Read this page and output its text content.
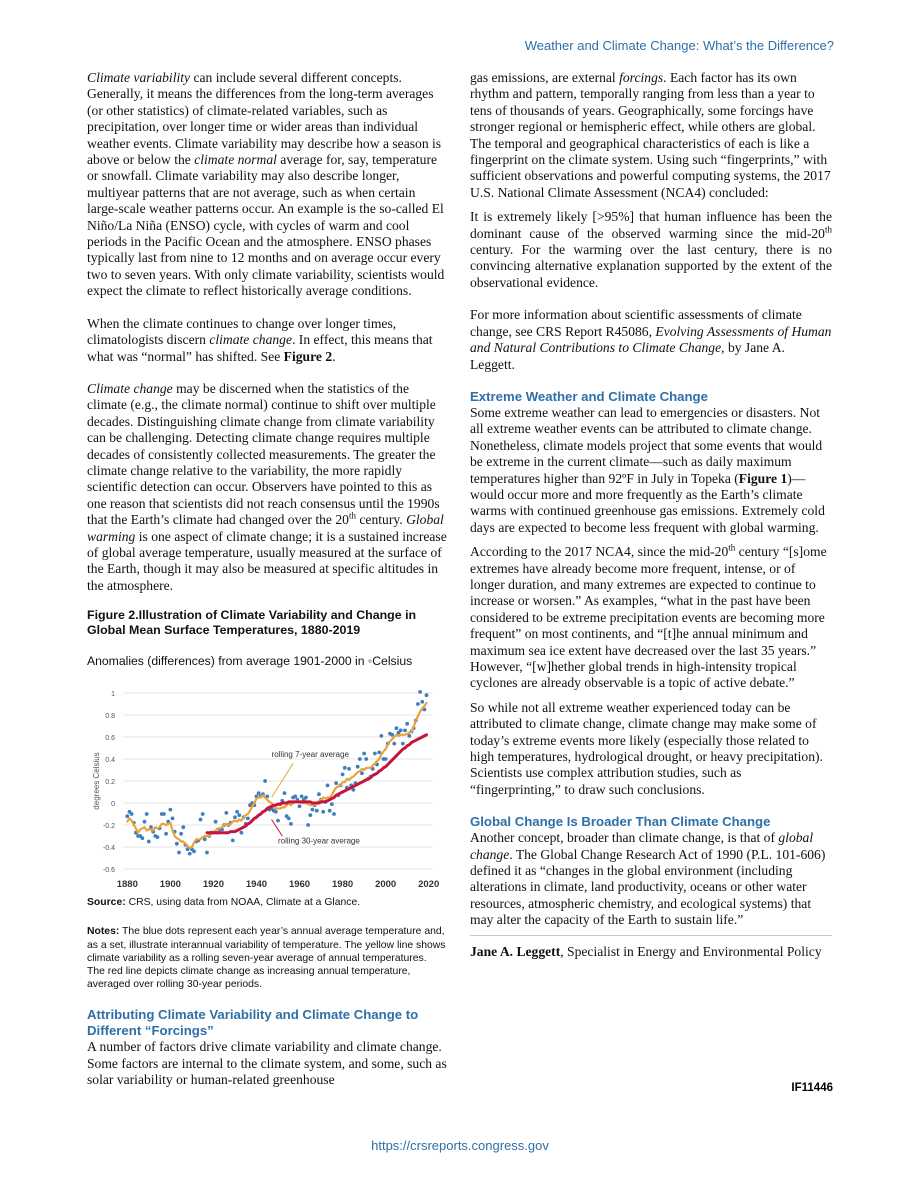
Weather and Climate Change: What’s the Difference?

Climate variability can include several different concepts. Generally, it means the differences from the long-term averages (or other statistics) of climate-related variables, such as precipitation, over longer time or wider areas than individual weather events. Climate variability may describe how a season is above or below the climate normal average for, say, temperature or snowfall. Climate variability may also describe longer, multiyear patterns that are not average, such as when certain large-scale weather patterns occur. An example is the so-called El Niño/La Niña (ENSO) cycle, with cycles of warm and cool periods in the Pacific Ocean and the atmosphere. ENSO phases typically last from nine to 12 months and on average occur every two to seven years. With only climate variability, scientists would expect the climate to reflect historically average conditions.

When the climate continues to change over longer times, climatologists discern climate change. In effect, this means that what was “normal” has shifted. See Figure 2.

Climate change may be discerned when the statistics of the climate (e.g., the climate normal) continue to shift over multiple decades. Distinguishing climate change from climate variability can be challenging. Detecting climate change requires multiple decades of consistently collected measurements. The greater the climate change relative to the variability, the more rapidly scientific detection can occur. Observers have pointed to this as one reason that scientists did not reach consensus until the 1990s that the Earth’s climate had changed over the 20th century. Global warming is one aspect of climate change; it is a sustained increase of global average temperature, usually measured at the surface of the Earth, though it may also be measured at specific altitudes in the atmosphere.

Figure 2.Illustration of Climate Variability and Change in Global Mean Surface Temperatures, 1880-2019

Anomalies (differences) from average 1901-2000 in ◦Celsius

-0.6
-0.4
-0.2
0
0.2
0.4
0.6
0.8
1
1880 1900 1920 1940 1960 1980 2000 2020
degrees Celsius	rolling 7-year average
rolling 30-year average

Source: CRS, using data from NOAA, Climate at a Glance.

Notes: The blue dots represent each year’s annual average temperature and, as a set, illustrate interannual variability of temperature. The yellow line shows climate variability as a rolling seven-year average of annual temperatures. The red line depicts climate change as increasing annual temperature, averaged over rolling 30-year periods.

Attributing Climate Variability and Climate Change to Different “Forcings”

A number of factors drive climate variability and climate change. Some factors are internal to the climate system, and some, such as solar variability or human-related greenhouse

gas emissions, are external forcings. Each factor has its own rhythm and pattern, temporally ranging from less than a year to tens of thousands of years. Geographically, some forcings have stronger regional or hemispheric effect, while others are global. The temporal and geographical characteristics of each is like a fingerprint on the climate system. Using such “fingerprints,” with sufficient observations and powerful computing systems, the 2017 U.S. National Climate Assessment (NCA4) concluded:

It is extremely likely [>95%] that human influence has been the dominant cause of the observed warming since the mid-20th century. For the warming over the last century, there is no convincing alternative explanation supported by the extent of the observational evidence.

For more information about scientific assessments of climate change, see CRS Report R45086, Evolving Assessments of Human and Natural Contributions to Climate Change, by Jane A. Leggett.

Extreme Weather and Climate Change

Some extreme weather can lead to emergencies or disasters. Not all extreme weather events can be attributed to climate change. Nonetheless, climate models project that some events that would be extreme in the current climate—such as daily maximum temperatures higher than 92ºF in July in Topeka (Figure 1)—would occur more and more frequently as the Earth’s climate warms with continued greenhouse gas emissions. Extremely cold days are expected to become less frequent with global warming.

According to the 2017 NCA4, since the mid-20th century “[s]ome extremes have already become more frequent, intense, or of longer duration, and many extremes are expected to continue to increase or worsen.” As examples, “what in the past have been considered to be extreme precipitation events are becoming more frequent” on most continents, and “[t]he annual minimum and maximum sea ice extent have decreased over the last 35 years.” However, “[w]hether global trends in high-intensity tropical cyclones are already observable is a topic of active debate.”

So while not all extreme weather experienced today can be attributed to climate change, climate change may make some of today’s extreme events more likely (especially those related to high temperatures, hydrological drought, or heavy precipitation). Scientists use complex attribution studies, such as “fingerprinting,” to draw such conclusions.

Global Change Is Broader Than Climate Change

Another concept, broader than climate change, is that of global change. The Global Change Research Act of 1990 (P.L. 101-606) defined it as “changes in the global environment (including alterations in climate, land productivity, oceans or other water resources, atmospheric chemistry, and ecological systems) that may alter the capacity of the Earth to sustain life.”

Jane A. Leggett, Specialist in Energy and Environmental Policy

IF11446
https://crsreports.congress.gov
